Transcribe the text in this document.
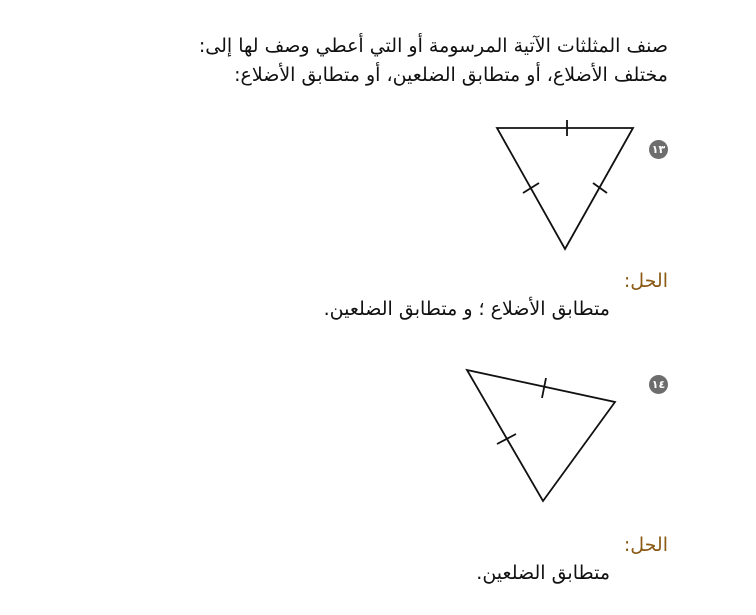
صنف المثلثات الآتية المرسومة أو التي أعطي وصف لها إلى:
مختلف الأضلاع، أو متطابق الضلعين، أو متطابق الأضلاع:
١٣
الحل:
متطابق الأضلاع ؛ و متطابق الضلعين.
١٤
الحل:
متطابق الضلعين.
